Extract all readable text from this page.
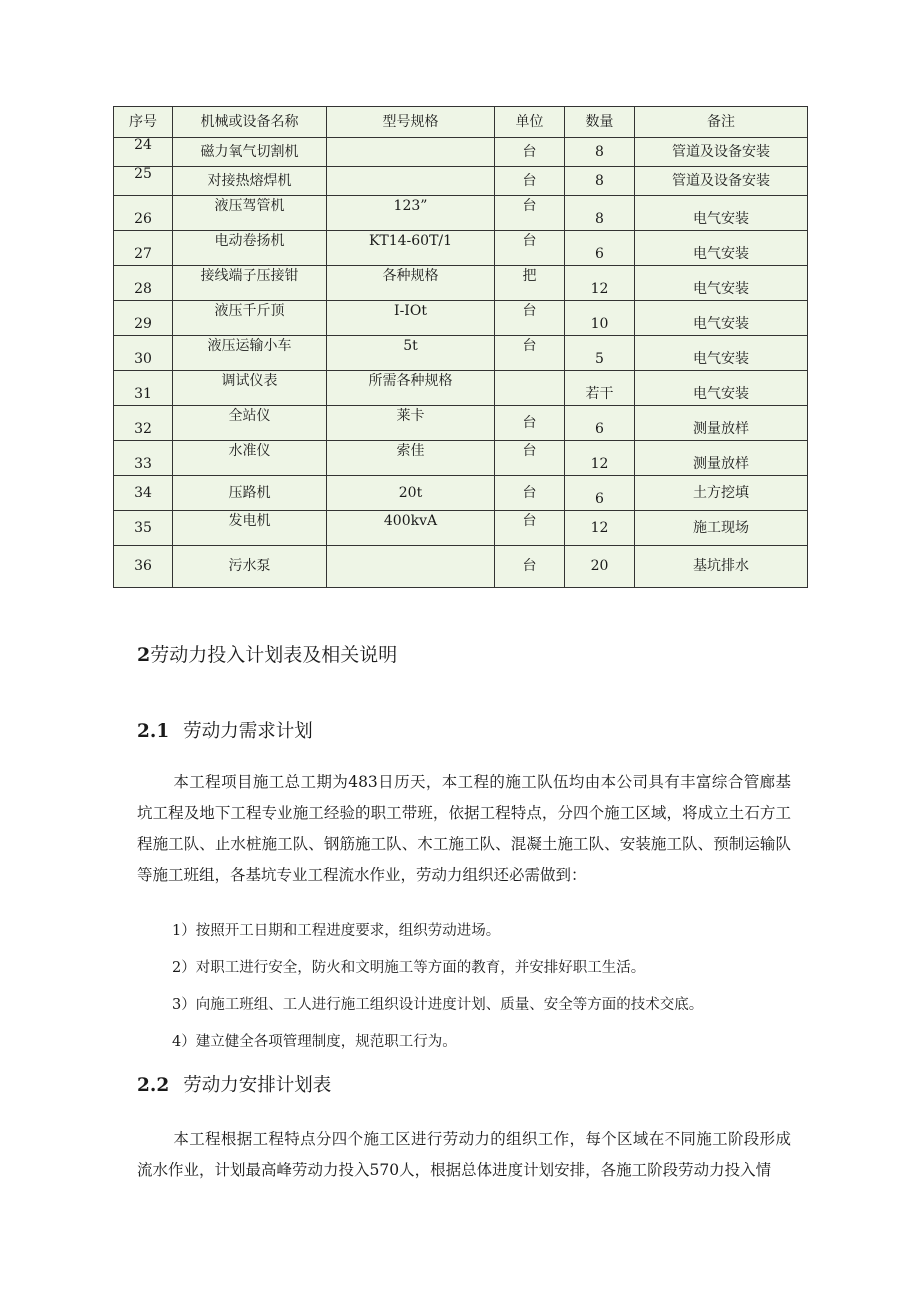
序号	机械或设备名称	型号规格	单位	数量	备注

24	磁力氧气切割机		台	8	管道及设备安装

25	对接热熔焊机		台	8	管道及设备安装

26	液压驾管机	123”	台	8	电气安装

27	电动卷扬机	KT14-60T/1	台	6	电气安装

28	接线端子压接钳	各种规格	把	12	电气安装

29	液压千斤顶	I-IOt	台	10	电气安装

30	液压运输小车	5t	台	5	电气安装

31	调试仪表	所需各种规格		若干	电气安装

32	全站仪	莱卡	台	6	测量放样

33	水准仪	索佳	台	12	测量放样

34	压路机	20t	台	6	土方挖填

35	发电机	400kvA	台	12	施工现场

36	污水泵		台	20	基坑排水
2劳动力投入计划表及相关说明
2.1 劳动力需求计划

本工程项目施工总工期为483日历天，本工程的施工队伍均由本公司具有丰富综合管廊基坑工程及地下工程专业施工经验的职工带班，依据工程特点，分四个施工区域，将成立土石方工程施工队、止水桩施工队、钢筋施工队、木工施工队、混凝土施工队、安装施工队、预制运输队等施工班组，各基坑专业工程流水作业，劳动力组织还必需做到：

1）按照开工日期和工程进度要求，组织劳动进场。

2）对职工进行安全，防火和文明施工等方面的教育，并安排好职工生活。

3）向施工班组、工人进行施工组织设计进度计划、质量、安全等方面的技术交底。

4）建立健全各项管理制度，规范职工行为。

2.2 劳动力安排计划表

本工程根据工程特点分四个施工区进行劳动力的组织工作，每个区域在不同施工阶段形成流水作业，计划最高峰劳动力投入570人，根据总体进度计划安排，各施工阶段劳动力投入情
